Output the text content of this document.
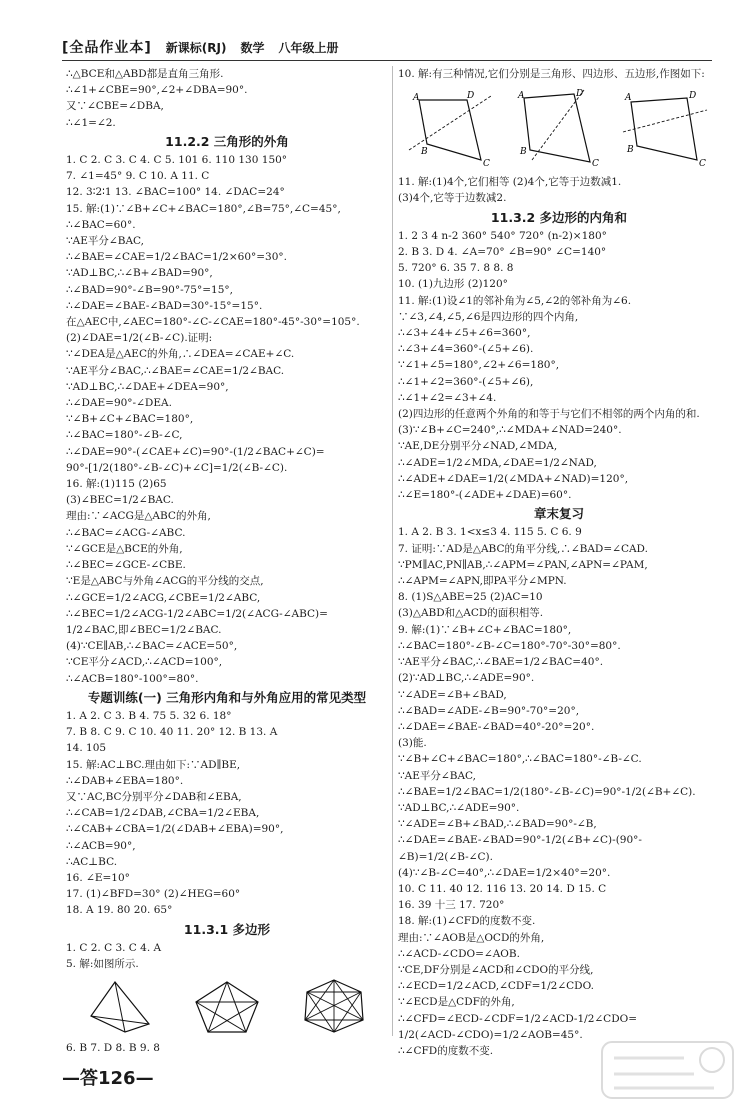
[全品作业本] 新课标(RJ) 数学 八年级上册
∴△BCE和△ABD都是直角三角形.
∴∠1+∠CBE=90°,∠2+∠DBA=90°.
又∵∠CBE=∠DBA,
∴∠1=∠2.
11.2.2 三角形的外角
1. C 2. C 3. C 4. C 5. 101 6. 110 130 150°
7. ∠1=45° 9. C 10. A 11. C
12. 3∶2∶1 13. ∠BAC=100° 14. ∠DAC=24°
15. 解:(1)∵∠B+∠C+∠BAC=180°,∠B=75°,∠C=45°,
∴∠BAC=60°.
∵AE平分∠BAC,
∴∠BAE=∠CAE=1/2∠BAC=1/2×60°=30°.
∵AD⊥BC,∴∠B+∠BAD=90°,
∴∠BAD=90°-∠B=90°-75°=15°,
∴∠DAE=∠BAE-∠BAD=30°-15°=15°.
在△AEC中,∠AEC=180°-∠C-∠CAE=180°-45°-30°=105°.
(2)∠DAE=1/2(∠B-∠C).证明:
∵∠DEA是△AEC的外角,∴∠DEA=∠CAE+∠C.
∵AE平分∠BAC,∴∠BAE=∠CAE=1/2∠BAC.
∵AD⊥BC,∴∠DAE+∠DEA=90°,
∴∠DAE=90°-∠DEA.
∵∠B+∠C+∠BAC=180°,
∴∠BAC=180°-∠B-∠C,
∴∠DAE=90°-(∠CAE+∠C)=90°-(1/2∠BAC+∠C)=
90°-[1/2(180°-∠B-∠C)+∠C]=1/2(∠B-∠C).
16. 解:(1)115 (2)65
(3)∠BEC=1/2∠BAC.
理由:∵∠ACG是△ABC的外角,
∴∠BAC=∠ACG-∠ABC.
∵∠GCE是△BCE的外角,
∴∠BEC=∠GCE-∠CBE.
∵E是△ABC与外角∠ACG的平分线的交点,
∴∠GCE=1/2∠ACG,∠CBE=1/2∠ABC,
∴∠BEC=1/2∠ACG-1/2∠ABC=1/2(∠ACG-∠ABC)=
1/2∠BAC,即∠BEC=1/2∠BAC.
(4)∵CE∥AB,∴∠BAC=∠ACE=50°,
∵CE平分∠ACD,∴∠ACD=100°,
∴∠ACB=180°-100°=80°.
专题训练(一) 三角形内角和与外角应用的常见类型
1. A 2. C 3. B 4. 75 5. 32 6. 18°
7. B 8. C 9. C 10. 40 11. 20° 12. B 13. A
14. 105
15. 解:AC⊥BC.理由如下:∵AD∥BE,
∴∠DAB+∠EBA=180°.
又∵AC,BC分别平分∠DAB和∠EBA,
∴∠CAB=1/2∠DAB,∠CBA=1/2∠EBA,
∴∠CAB+∠CBA=1/2(∠DAB+∠EBA)=90°,
∴∠ACB=90°,
∴AC⊥BC.
16. ∠E=10°
17. (1)∠BFD=30° (2)∠HEG=60°
18. A 19. 80 20. 65°
11.3.1 多边形
1. C 2. C 3. C 4. A
5. 解:如图所示.
6. B 7. D 8. B 9. 8
10. 解:有三种情况,它们分别是三角形、四边形、五边形,作图如下:
A	D
B
C
A	D
B
C
A	D
B
C
11. 解:(1)4个,它们相等 (2)4个,它等于边数减1.
(3)4个,它等于边数减2.
11.3.2 多边形的内角和
1. 2 3 4 n-2 360° 540° 720° (n-2)×180°
2. B 3. D 4. ∠A=70° ∠B=90° ∠C=140°
5. 720° 6. 35 7. 8 8. 8
10. (1)九边形 (2)120°
11. 解:(1)设∠1的邻补角为∠5,∠2的邻补角为∠6.
∵∠3,∠4,∠5,∠6是四边形的四个内角,
∴∠3+∠4+∠5+∠6=360°,
∴∠3+∠4=360°-(∠5+∠6).
∵∠1+∠5=180°,∠2+∠6=180°,
∴∠1+∠2=360°-(∠5+∠6),
∴∠1+∠2=∠3+∠4.
(2)四边形的任意两个外角的和等于与它们不相邻的两个内角的和.
(3)∵∠B+∠C=240°,∴∠MDA+∠NAD=240°.
∵AE,DE分别平分∠NAD,∠MDA,
∴∠ADE=1/2∠MDA,∠DAE=1/2∠NAD,
∴∠ADE+∠DAE=1/2(∠MDA+∠NAD)=120°,
∴∠E=180°-(∠ADE+∠DAE)=60°.
章末复习
1. A 2. B 3. 1<x≤3 4. 115 5. C 6. 9
7. 证明:∵AD是△ABC的角平分线,∴∠BAD=∠CAD.
∵PM∥AC,PN∥AB,∴∠APM=∠PAN,∠APN=∠PAM,
∴∠APM=∠APN,即PA平分∠MPN.
8. (1)S△ABE=25 (2)AC=10
(3)△ABD和△ACD的面积相等.
9. 解:(1)∵∠B+∠C+∠BAC=180°,
∴∠BAC=180°-∠B-∠C=180°-70°-30°=80°.
∵AE平分∠BAC,∴∠BAE=1/2∠BAC=40°.
(2)∵AD⊥BC,∴∠ADE=90°.
∵∠ADE=∠B+∠BAD,
∴∠BAD=∠ADE-∠B=90°-70°=20°,
∴∠DAE=∠BAE-∠BAD=40°-20°=20°.
(3)能.
∵∠B+∠C+∠BAC=180°,∴∠BAC=180°-∠B-∠C.
∵AE平分∠BAC,
∴∠BAE=1/2∠BAC=1/2(180°-∠B-∠C)=90°-1/2(∠B+∠C).
∵AD⊥BC,∴∠ADE=90°.
∵∠ADE=∠B+∠BAD,∴∠BAD=90°-∠B,
∴∠DAE=∠BAE-∠BAD=90°-1/2(∠B+∠C)-(90°-
∠B)=1/2(∠B-∠C).
(4)∵∠B-∠C=40°,∴∠DAE=1/2×40°=20°.
10. C 11. 40 12. 116 13. 20 14. D 15. C
16. 39 十三 17. 720°
18. 解:(1)∠CFD的度数不变.
理由:∵∠AOB是△OCD的外角,
∴∠ACD-∠CDO=∠AOB.
∵CE,DF分别是∠ACD和∠CDO的平分线,
∴∠ECD=1/2∠ACD,∠CDF=1/2∠CDO.
∵∠ECD是△CDF的外角,
∴∠CFD=∠ECD-∠CDF=1/2∠ACD-1/2∠CDO=
1/2(∠ACD-∠CDO)=1/2∠AOB=45°.
∴∠CFD的度数不变.
—答126—
